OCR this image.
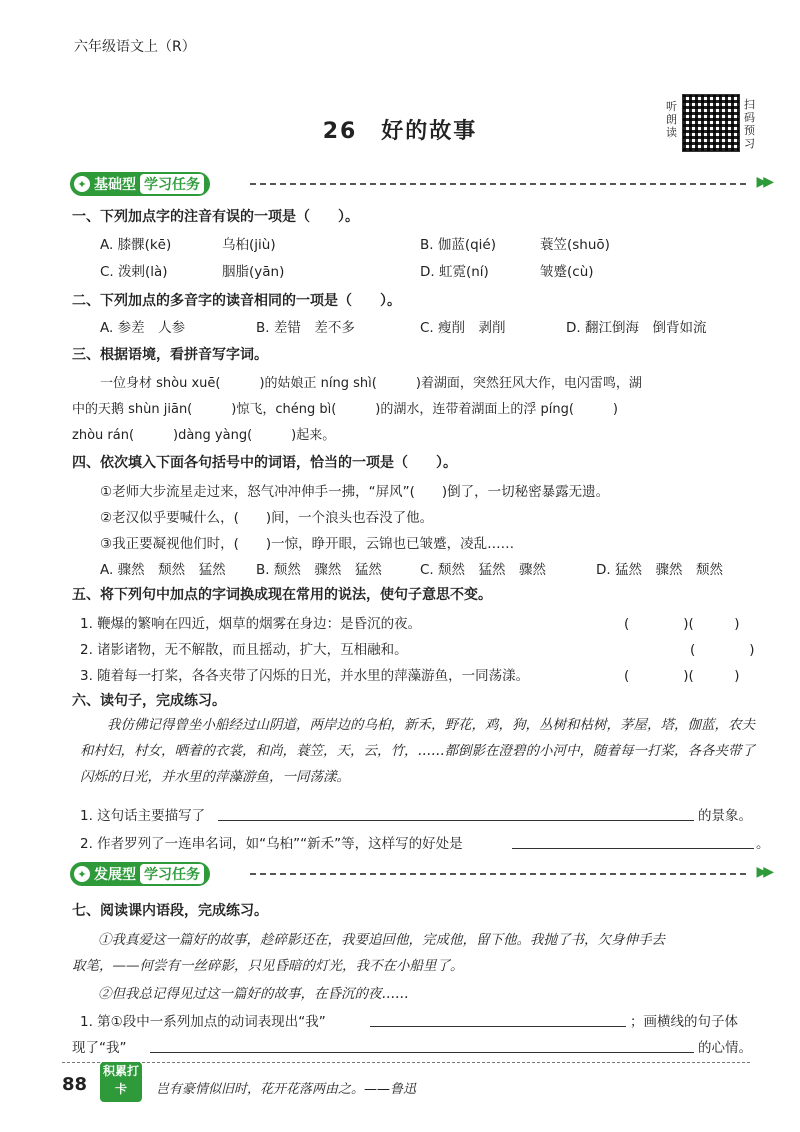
六年级语文上（R）
26　好的故事
听朗读
扫码预习
✦ 基础型 学习任务	▶▶
一、下列加点字的注音有误的一项是（　　）。
A. 膝髁(kē)	乌桕(jiù)	B. 伽蓝(qié)	蓑笠(shuō)
C. 泼剌(là)	胭脂(yān)	D. 虹霓(ní)	皱蹙(cù)
二、下列加点的多音字的读音相同的一项是（　　）。
A. 参差　人参	B. 差错　差不多	C. 瘦削　剥削	D. 翻江倒海　倒背如流
三、根据语境，看拼音写字词。
一位身材 shòu xuē(　　　)的姑娘正 níng shì(　　　)着湖面，突然狂风大作，电闪雷鸣，湖
中的天鹅 shùn jiān(　　　)惊飞，chéng bì(　　　)的湖水，连带着湖面上的浮 píng(　　　)
zhòu rán(　　　)dàng yàng(　　　)起来。
四、依次填入下面各句括号中的词语，恰当的一项是（　　）。
①老师大步流星走过来，怒气冲冲伸手一拂，“屏风”(　　)倒了，一切秘密暴露无遗。
②老汉似乎要喊什么，(　　)间，一个浪头也吞没了他。
③我正要凝视他们时，(　　)一惊，睁开眼，云锦也已皱蹙，凌乱……
A. 骤然　颓然　猛然 B. 颓然　骤然　猛然	C. 颓然　猛然　骤然	D. 猛然　骤然　颓然
五、将下列句中加点的字词换成现在常用的说法，使句子意思不变。
1. 鞭爆的繁响在四近，烟草的烟雾在身边：是昏沉的夜。	(　　　　)(　　　)
2. 诸影诸物，无不解散，而且摇动，扩大，互相融和。	(　　　　)
3. 随着每一打桨，各各夹带了闪烁的日光，并水里的萍藻游鱼，一同荡漾。	(　　　　)(　　　)
六、读句子，完成练习。
我仿佛记得曾坐小船经过山阴道，两岸边的乌桕，新禾，野花，鸡，狗，丛树和枯树，茅屋，塔，伽蓝，农夫和村妇，村女，晒着的衣裳，和尚，蓑笠，天，云，竹，……都倒影在澄碧的小河中，随着每一打桨，各各夹带了闪烁的日光，并水里的萍藻游鱼，一同荡漾。
1. 这句话主要描写了	的景象。
2. 作者罗列了一连串名词，如“乌桕”“新禾”等，这样写的好处是	。
✦ 发展型 学习任务	▶▶
七、阅读课内语段，完成练习。
①我真爱这一篇好的故事，趁碎影还在，我要追回他，完成他，留下他。我抛了书，欠身伸手去
取笔，——何尝有一丝碎影，只见昏暗的灯光，我不在小船里了。
②但我总记得见过这一篇好的故事，在昏沉的夜……
1. 第①段中一系列加点的动词表现出“我”	；画横线的句子体
现了“我”	的心情。
88
积累打卡	岂有豪情似旧时，花开花落两由之。——鲁迅
